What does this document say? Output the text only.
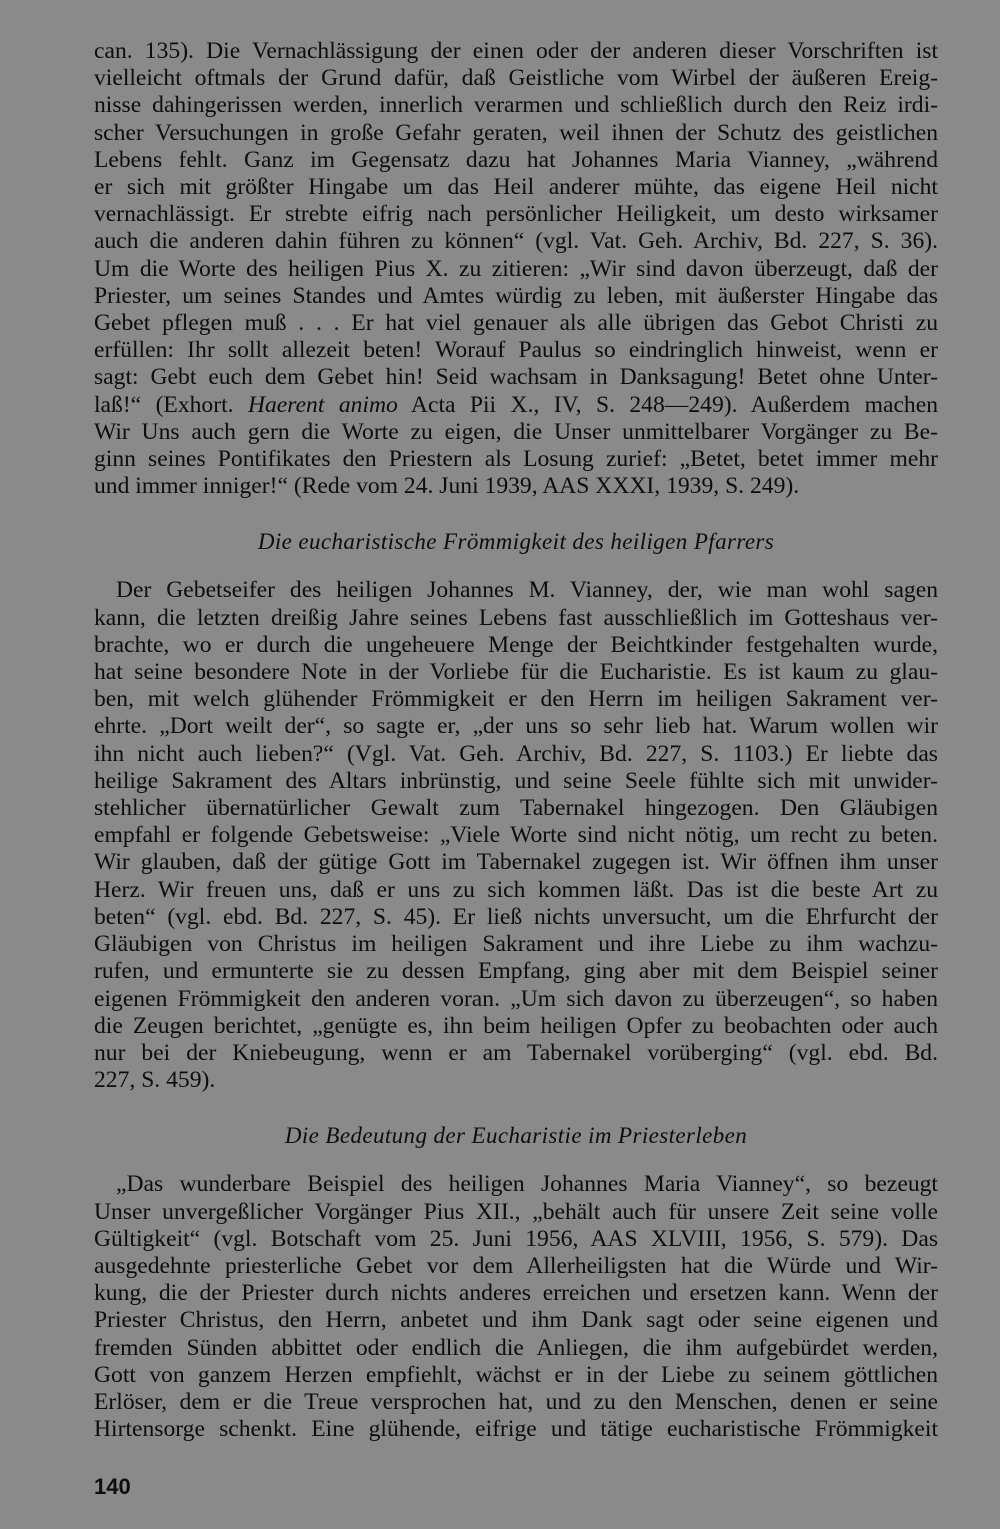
can. 135). Die Vernachlässigung der einen oder der anderen dieser Vorschriften ist
vielleicht oftmals der Grund dafür, daß Geistliche vom Wirbel der äußeren Ereig-
nisse dahingerissen werden, innerlich verarmen und schließlich durch den Reiz irdi-
scher Versuchungen in große Gefahr geraten, weil ihnen der Schutz des geistlichen
Lebens fehlt. Ganz im Gegensatz dazu hat Johannes Maria Vianney, „während
er sich mit größter Hingabe um das Heil anderer mühte, das eigene Heil nicht
vernachlässigt. Er strebte eifrig nach persönlicher Heiligkeit, um desto wirksamer
auch die anderen dahin führen zu können“ (vgl. Vat. Geh. Archiv, Bd. 227, S. 36).
Um die Worte des heiligen Pius X. zu zitieren: „Wir sind davon überzeugt, daß der
Priester, um seines Standes und Amtes würdig zu leben, mit äußerster Hingabe das
Gebet pflegen muß . . . Er hat viel genauer als alle übrigen das Gebot Christi zu
erfüllen: Ihr sollt allezeit beten! Worauf Paulus so eindringlich hinweist, wenn er
sagt: Gebt euch dem Gebet hin! Seid wachsam in Danksagung! Betet ohne Unter-
laß!“ (Exhort. Haerent animo Acta Pii X., IV, S. 248—249). Außerdem machen
Wir Uns auch gern die Worte zu eigen, die Unser unmittelbarer Vorgänger zu Be-
ginn seines Pontifikates den Priestern als Losung zurief: „Betet, betet immer mehr
und immer inniger!“ (Rede vom 24. Juni 1939, AAS XXXI, 1939, S. 249).

Die eucharistische Frömmigkeit des heiligen Pfarrers

Der Gebetseifer des heiligen Johannes M. Vianney, der, wie man wohl sagen
kann, die letzten dreißig Jahre seines Lebens fast ausschließlich im Gotteshaus ver-
brachte, wo er durch die ungeheuere Menge der Beichtkinder festgehalten wurde,
hat seine besondere Note in der Vorliebe für die Eucharistie. Es ist kaum zu glau-
ben, mit welch glühender Frömmigkeit er den Herrn im heiligen Sakrament ver-
ehrte. „Dort weilt der“, so sagte er, „der uns so sehr lieb hat. Warum wollen wir
ihn nicht auch lieben?“ (Vgl. Vat. Geh. Archiv, Bd. 227, S. 1103.) Er liebte das
heilige Sakrament des Altars inbrünstig, und seine Seele fühlte sich mit unwider-
stehlicher übernatürlicher Gewalt zum Tabernakel hingezogen. Den Gläubigen
empfahl er folgende Gebetsweise: „Viele Worte sind nicht nötig, um recht zu beten.
Wir glauben, daß der gütige Gott im Tabernakel zugegen ist. Wir öffnen ihm unser
Herz. Wir freuen uns, daß er uns zu sich kommen läßt. Das ist die beste Art zu
beten“ (vgl. ebd. Bd. 227, S. 45). Er ließ nichts unversucht, um die Ehrfurcht der
Gläubigen von Christus im heiligen Sakrament und ihre Liebe zu ihm wachzu-
rufen, und ermunterte sie zu dessen Empfang, ging aber mit dem Beispiel seiner
eigenen Frömmigkeit den anderen voran. „Um sich davon zu überzeugen“, so haben
die Zeugen berichtet, „genügte es, ihn beim heiligen Opfer zu beobachten oder auch
nur bei der Kniebeugung, wenn er am Tabernakel vorüberging“ (vgl. ebd. Bd.
227, S. 459).

Die Bedeutung der Eucharistie im Priesterleben

„Das wunderbare Beispiel des heiligen Johannes Maria Vianney“, so bezeugt
Unser unvergeßlicher Vorgänger Pius XII., „behält auch für unsere Zeit seine volle
Gültigkeit“ (vgl. Botschaft vom 25. Juni 1956, AAS XLVIII, 1956, S. 579). Das
ausgedehnte priesterliche Gebet vor dem Allerheiligsten hat die Würde und Wir-
kung, die der Priester durch nichts anderes erreichen und ersetzen kann. Wenn der
Priester Christus, den Herrn, anbetet und ihm Dank sagt oder seine eigenen und
fremden Sünden abbittet oder endlich die Anliegen, die ihm aufgebürdet werden,
Gott von ganzem Herzen empfiehlt, wächst er in der Liebe zu seinem göttlichen
Erlöser, dem er die Treue versprochen hat, und zu den Menschen, denen er seine
Hirtensorge schenkt. Eine glühende, eifrige und tätige eucharistische Frömmigkeit

140
